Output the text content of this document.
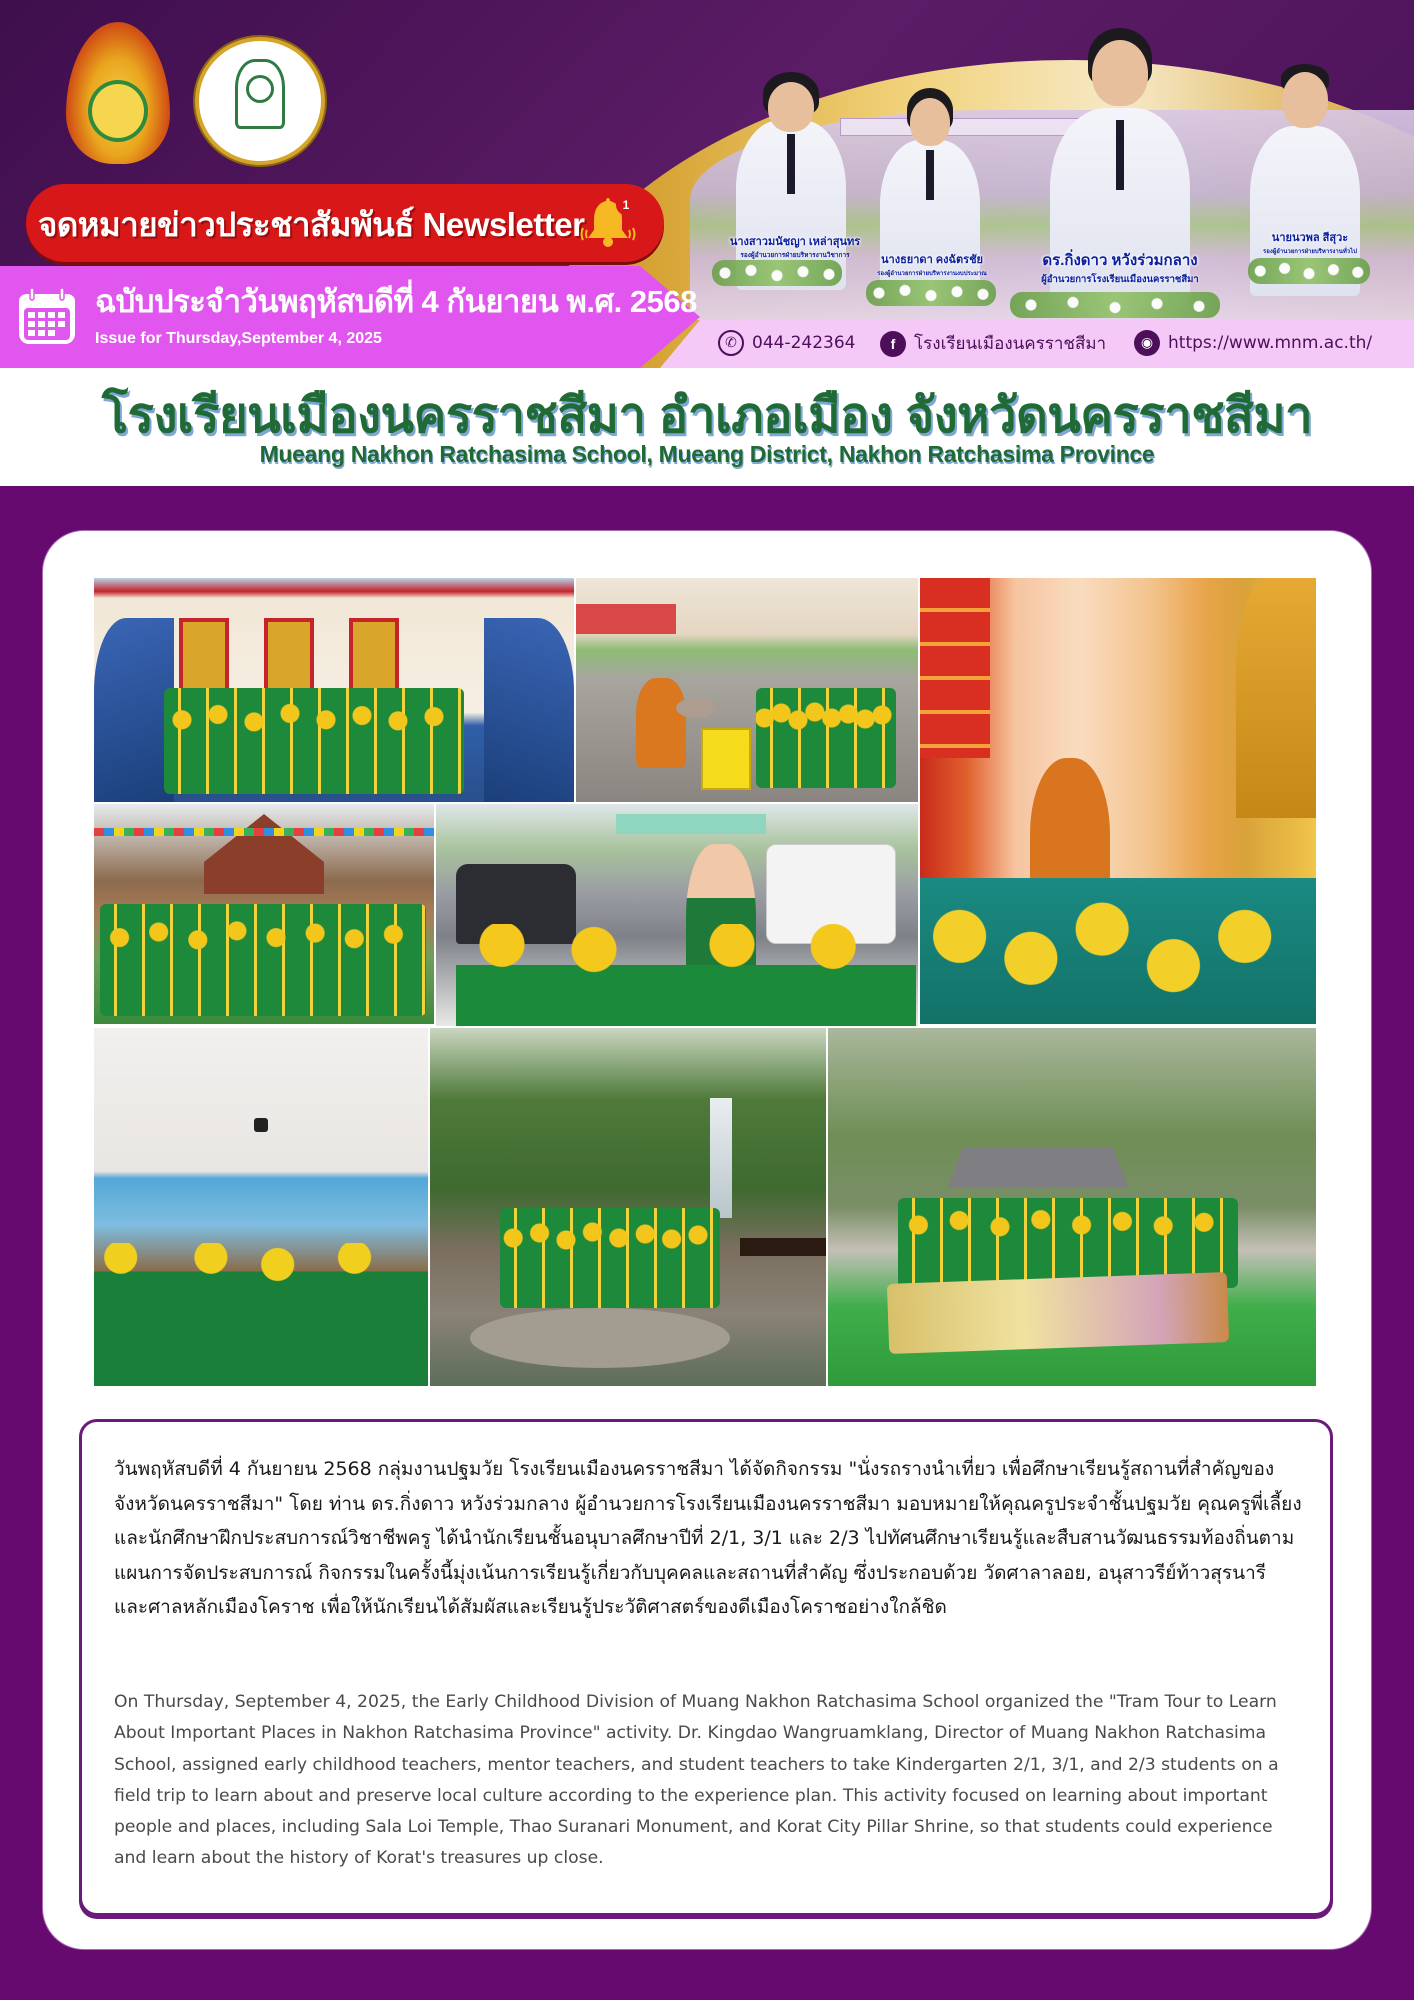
นางสาวมนัชญา เหล่าสุนทร
รองผู้อำนวยการฝ่ายบริหารงานวิชาการ	นางธยาดา คงฉัตรชัย
รองผู้อำนวยการฝ่ายบริหารงานงบประมาณ
ดร.กิ่งดาว หวังร่วมกลาง
ผู้อำนวยการโรงเรียนเมืองนครราชสีมา
นายนวพล สีสุวะ
รองผู้อำนวยการฝ่ายบริหารงานทั่วไป
จดหมายข่าวประชาสัมพันธ์ Newsletter
1
ฉบับประจำวันพฤหัสบดีที่ 4 กันยายน พ.ศ. 2568
Issue for Thursday,September 4, 2025	✆ 044-242364	f	โรงเรียนเมืองนครราชสีมา	◉ https://www.mnm.ac.th/
โรงเรียนเมืองนครราชสีมา อำเภอเมือง จังหวัดนครราชสีมา
Mueang Nakhon Ratchasima School, Mueang District, Nakhon Ratchasima Province

วันพฤหัสบดีที่ 4 กันยายน 2568 กลุ่มงานปฐมวัย โรงเรียนเมืองนครราชสีมา ได้จัดกิจกรรม "นั่งรถรางนำเที่ยว เพื่อศึกษาเรียนรู้สถานที่สำคัญของจังหวัดนครราชสีมา" โดย ท่าน ดร.กิ่งดาว หวังร่วมกลาง ผู้อำนวยการโรงเรียนเมืองนครราชสีมา มอบหมายให้คุณครูประจำชั้นปฐมวัย คุณครูพี่เลี้ยงและนักศึกษาฝึกประสบการณ์วิชาชีพครู ได้นำนักเรียนชั้นอนุบาลศึกษาปีที่ 2/1, 3/1 และ 2/3 ไปทัศนศึกษาเรียนรู้และสืบสานวัฒนธรรมท้องถิ่นตามแผนการจัดประสบการณ์ กิจกรรมในครั้งนี้มุ่งเน้นการเรียนรู้เกี่ยวกับบุคคลและสถานที่สำคัญ ซึ่งประกอบด้วย วัดศาลาลอย, อนุสาวรีย์ท้าวสุรนารี และศาลหลักเมืองโคราช เพื่อให้นักเรียนได้สัมผัสและเรียนรู้ประวัติศาสตร์ของดีเมืองโคราชอย่างใกล้ชิด

On Thursday, September 4, 2025, the Early Childhood Division of Muang Nakhon Ratchasima School organized the "Tram Tour to Learn About Important Places in Nakhon Ratchasima Province" activity. Dr. Kingdao Wangruamklang, Director of Muang Nakhon Ratchasima School, assigned early childhood teachers, mentor teachers, and student teachers to take Kindergarten 2/1, 3/1, and 2/3 students on a field trip to learn about and preserve local culture according to the experience plan. This activity focused on learning about important people and places, including Sala Loi Temple, Thao Suranari Monument, and Korat City Pillar Shrine, so that students could experience and learn about the history of Korat's treasures up close.
